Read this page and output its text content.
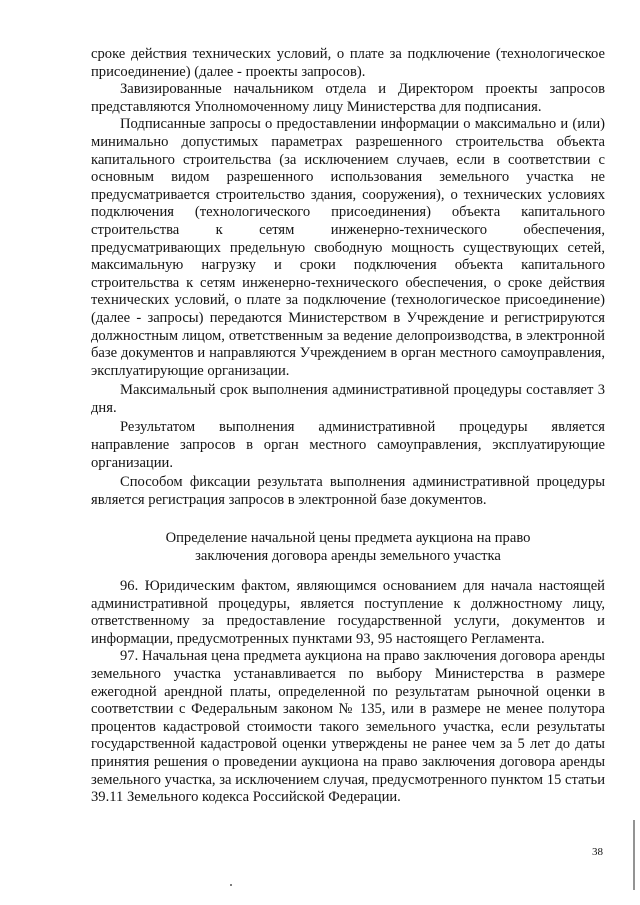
сроке действия технических условий, о плате за подключение (технологическое присоединение) (далее - проекты запросов).

Завизированные начальником отдела и Директором проекты запросов представляются Уполномоченному лицу Министерства для подписания.

Подписанные запросы о предоставлении информации о максимально и (или) минимально допустимых параметрах разрешенного строительства объекта капитального строительства (за исключением случаев, если в соответствии с основным видом разрешенного использования земельного участка не предусматривается строительство здания, сооружения), о технических условиях подключения (технологического присоединения) объекта капитального строительства к сетям инженерно-технического обеспечения, предусматривающих предельную свободную мощность существующих сетей, максимальную нагрузку и сроки подключения объекта капитального строительства к сетям инженерно-технического обеспечения, о сроке действия технических условий, о плате за подключение (технологическое присоединение) (далее - запросы) передаются Министерством в Учреждение и регистрируются должностным лицом, ответственным за ведение делопроизводства, в электронной базе документов и направляются Учреждением в орган местного самоуправления, эксплуатирующие организации.

Максимальный срок выполнения административной процедуры составляет 3 дня.

Результатом выполнения административной процедуры является направление запросов в орган местного самоуправления, эксплуатирующие организации.

Способом фиксации результата выполнения административной процедуры является регистрация запросов в электронной базе документов.

Определение начальной цены предмета аукциона на право

заключения договора аренды земельного участка

96. Юридическим фактом, являющимся основанием для начала настоящей административной процедуры, является поступление к должностному лицу, ответственному за предоставление государственной услуги, документов и информации, предусмотренных пунктами 93, 95 настоящего Регламента.

97. Начальная цена предмета аукциона на право заключения договора аренды земельного участка устанавливается по выбору Министерства в размере ежегодной арендной платы, определенной по результатам рыночной оценки в соответствии с Федеральным законом № 135, или в размере не менее полутора процентов кадастровой стоимости такого земельного участка, если результаты государственной кадастровой оценки утверждены не ранее чем за 5 лет до даты принятия решения о проведении аукциона на право заключения договора аренды земельного участка, за исключением случая, предусмотренного пунктом 15 статьи 39.11 Земельного кодекса Российской Федерации.

38
